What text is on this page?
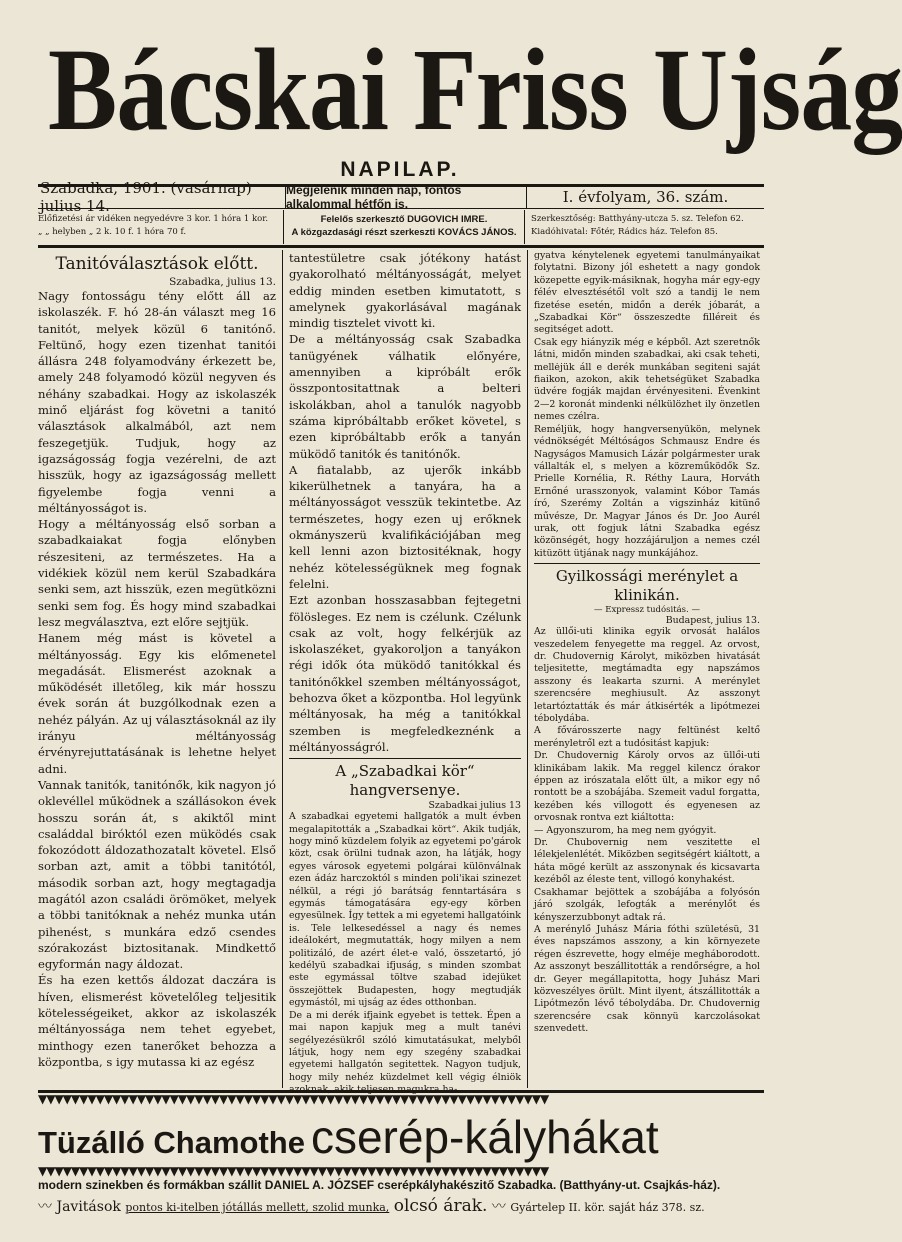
Bácskai Friss Ujság
NAPILAP.
Szabadka, 1901. (vasárnap) julius 14.
Megjelenik minden nap, fontos alkalommal hétfőn is.	I. évfolyam, 36. szám.
Előfizetési ár vidéken negyedévre 3 kor. 1 hóra 1 kor.
„ „ helyben „ 2 k. 10 f. 1 hóra 70 f.
Felelős szerkesztő DUGOVICH IMRE.
A közgazdasági részt szerkeszti KOVÁCS JÁNOS.
Szerkesztőség: Batthyány-utcza 5. sz. Telefon 62.
Kiadóhivatal: Főtér, Rádics ház. Telefon 85.
Tanitóválasztások előtt.
Szabadka, julius 13.

Nagy fontosságu tény előtt áll az iskolaszék. F. hó 28-án választ meg 16 tanitót, melyek közül 6 tanitónő. Feltünő, hogy ezen tizenhat tanitói állásra 248 folyamodvány érkezett be, amely 248 folyamodó közül negyven és néhány szabadkai. Hogy az iskolaszék minő eljárást fog követni a tanitó választások alkalmából, azt nem feszegetjük. Tudjuk, hogy az igazságosság fogja vezérelni, de azt hisszük, hogy az igazságosság mellett figyelembe fogja venni a méltányosságot is.

Hogy a méltányosság első sorban a szabadkaiakat fogja előnyben részesiteni, az természetes. Ha a vidékiek közül nem kerül Szabadkára senki sem, azt hisszük, ezen megütközni senki sem fog. És hogy mind szabadkai lesz megválasztva, ezt előre sejtjük.

Hanem még mást is követel a méltányosság. Egy kis előmenetel megadását. Elismerést azoknak a működését illetőleg, kik már hosszu évek során át buzgólkodnak ezen a nehéz pályán. Az uj választásoknál az ily irányu méltányosság érvényrejuttatásának is lehetne helyet adni.

Vannak tanitók, tanitónők, kik nagyon jó oklevéllel működnek a szállásokon évek hosszu során át, s akiktől mint családdal biróktól ezen müködés csak fokozódott áldozathozatalt követel. Első sorban azt, amit a többi tanitótól, második sorban azt, hogy megtagadja magától azon családi örömöket, melyek a többi tanitóknak a nehéz munka után pihenést, s munkára edző csendes szórakozást biztositanak. Mindkettő egyformán nagy áldozat.

És ha ezen kettős áldozat daczára is híven, elismerést követelőleg teljesitik kötelességeiket, akkor az iskolaszék méltányossága nem tehet egyebet, minthogy ezen tanerőket behozza a központba, s igy mutassa ki az egész

tantestületre csak jótékony hatást gyakorolható méltányosságát, melyet eddig minden esetben kimutatott, s amelynek gyakorlásával magának mindig tisztelet vivott ki.

De a méltányosság csak Szabadka tanügyének válhatik előnyére, amennyiben a kipróbált erők összpontositattnak a belteri iskolákban, ahol a tanulók nagyobb száma kipróbáltabb erőket követel, s ezen kipróbáltabb erők a tanyán müködő tanitók és tanitónők.

A fiatalabb, az ujerők inkább kikerülhetnek a tanyára, ha a méltányosságot vesszük tekintetbe. Az természetes, hogy ezen uj erőknek okmányszerü kvalifikációjában meg kell lenni azon biztositéknak, hogy nehéz kötelességüknek meg fognak felelni.

Ezt azonban hosszasabban fejtegetni fölösleges. Ez nem is czélunk. Czélunk csak az volt, hogy felkérjük az iskolaszéket, gyakoroljon a tanyákon régi idők óta müködő tanitókkal és tanitónőkkel szemben méltányosságot, behozva őket a központba. Hol legyünk méltányosak, ha még a tanitókkal szemben is megfeledkeznénk a méltányosságról.

A „Szabadkai kör“ hangversenye.
Szabadkai julius 13

A szabadkai egyetemi hallgatók a mult évben megalapitották a „Szabadkai kört“. Akik tudják, hogy minő küzdelem folyik az egyetemi po'gárok közt, csak örülni tudnak azon, ha látják, hogy egyes városok egyetemi polgárai különválnak ezen ádáz harczoktól s minden poli'ikai szinezet nélkül, a régi jó barátság fenntartására s egymás támogatására egy-egy körben egyesülnek. Így tettek a mi egyetemi hallgatóink is. Tele lelkesedéssel a nagy és nemes ideálokért, megmutatták, hogy milyen a nem politizáló, de azért élet-e való, összetartó, jó kedélyü szabadkai ifjuság, s minden szombat este egymással töltve szabad idejüket összejöttek Budapesten, hogy megtudják egymástól, mi ujság az édes otthonban.

De a mi derék ifjaink egyebet is tettek. Épen a mai napon kapjuk meg a mult tanévi segélyezésükről szóló kimutatásukat, melyből látjuk, hogy nem egy szegény szabadkai egyetemi hallgatón segitettek. Nagyon tudjuk, hogy mily nehéz küzdelmet kell végig élniök azoknak, akik teljesen magukra ha-

gyatva kénytelenek egyetemi tanulmányaikat folytatni. Bizony jól eshetett a nagy gondok közepette egyik-másiknak, hogyha már egy-egy félév elvesztésétől volt szó a tandij le nem fizetése esetén, midőn a derék jóbarát, a „Szabadkai Kör“ összeszedte filléreit és segitséget adott.

Csak egy hiányzik még e képből. Azt szeretnők látni, midőn minden szabadkai, aki csak teheti, mellėjük áll e derék munkában segiteni saját fiaikon, azokon, akik tehetségüket Szabadka üdvére fogják majdan érvényesiteni. Évenkint 2—2 koronát mindenki nélkülözhet ily önzetlen nemes czélra.

Reméljük, hogy hangversenyükön, melynek védnökségét Méltóságos Schmausz Endre és Nagyságos Mamusich Lázár polgármester urak vállalták el, s melyen a közreműködők Sz. Prielle Kornélia, R. Réthy Laura, Horváth Ernőné urasszonyok, valamint Kóbor Tamás író, Szerémy Zoltán a vigszinház kitünő művésze, Dr. Magyar János és Dr. Joo Aurél urak, ott fogjuk látni Szabadka egész közönségét, hogy hozzájáruljon a nemes czél kitüzött ütjának nagy munkájához.

Gyilkossági merénylet a klinikán.
— Expressz tudósitás. —
Budapest, julius 13.

Az üllői-uti klinika egyik orvosát halálos veszedelem fenyegette ma reggel. Az orvost, dr. Chudovernig Károlyt, miközben hivatását teljesitette, megtámadta egy napszámos asszony és leakarta szurni. A merénylet szerencsére meghiusult. Az asszonyt letartóztatták és már átkisérték a lipótmezei tébolydába.

A fővárosszerte nagy feltünést keltő merényletről ezt a tudósitást kapjuk:

Dr. Chudovernig Károly orvos az üllői-uti klinikábam lakik. Ma reggel kilencz órakor éppen az irószatala előtt ült, a mikor egy nő rontott be a szobájába. Szemeit vadul forgatta, kezében kés villogott és egyenesen az orvosnak rontva ezt kiáltotta:

— Agyonszurom, ha meg nem gyógyit.

Dr. Chubovernig nem veszitette el lélekjelenlétét. Miközben segitségért kiáltott, a háta mögé került az asszonynak és kicsavarta kezéből az éleste tent, villogó konyhakést.

Csakhamar bejöttek a szobájába a folyósón járó szolgák, lefogták a merénylőt és kényszerzubbonyt adtak rá.

A merénylő Juhász Mária fóthi születésü, 31 éves napszámos asszony, a kin környezete régen észrevette, hogy elméje megháborodott. Az asszonyt beszállitották a rendőrségre, a hol dr. Geyer megállapitotta, hogy Juhász Mari közveszélyes örült. Mint ilyent, átszállitották a Lipótmezőn lévő tébolydába. Dr. Chudovernig szerencsére csak könnyü karczolásokat szenvedett.

▼▼▼▼▼▼▼▼▼▼▼▼▼▼▼▼▼▼▼▼▼▼▼▼▼▼▼▼▼▼▼▼▼▼▼▼▼▼▼▼▼▼▼▼▼▼▼▼▼▼▼▼▼▼▼▼▼▼▼▼▼▼
Tüzálló Chamothe cserép-kályhákat
▼▼▼▼▼▼▼▼▼▼▼▼▼▼▼▼▼▼▼▼▼▼▼▼▼▼▼▼▼▼▼▼▼▼▼▼▼▼▼▼▼▼▼▼▼▼▼▼▼▼▼▼▼▼▼▼▼▼▼▼▼▼
modern szinekben és formákban szállit DANIEL A. JÓZSEF cserépkályhakészitő Szabadka. (Batthyány-ut. Csajkás-ház).
〰 Javitások pontos ki-itelben jótállás mellett, szolid munka, olcsó árak. 〰 Gyártelep II. kör. saját ház 378. sz.
